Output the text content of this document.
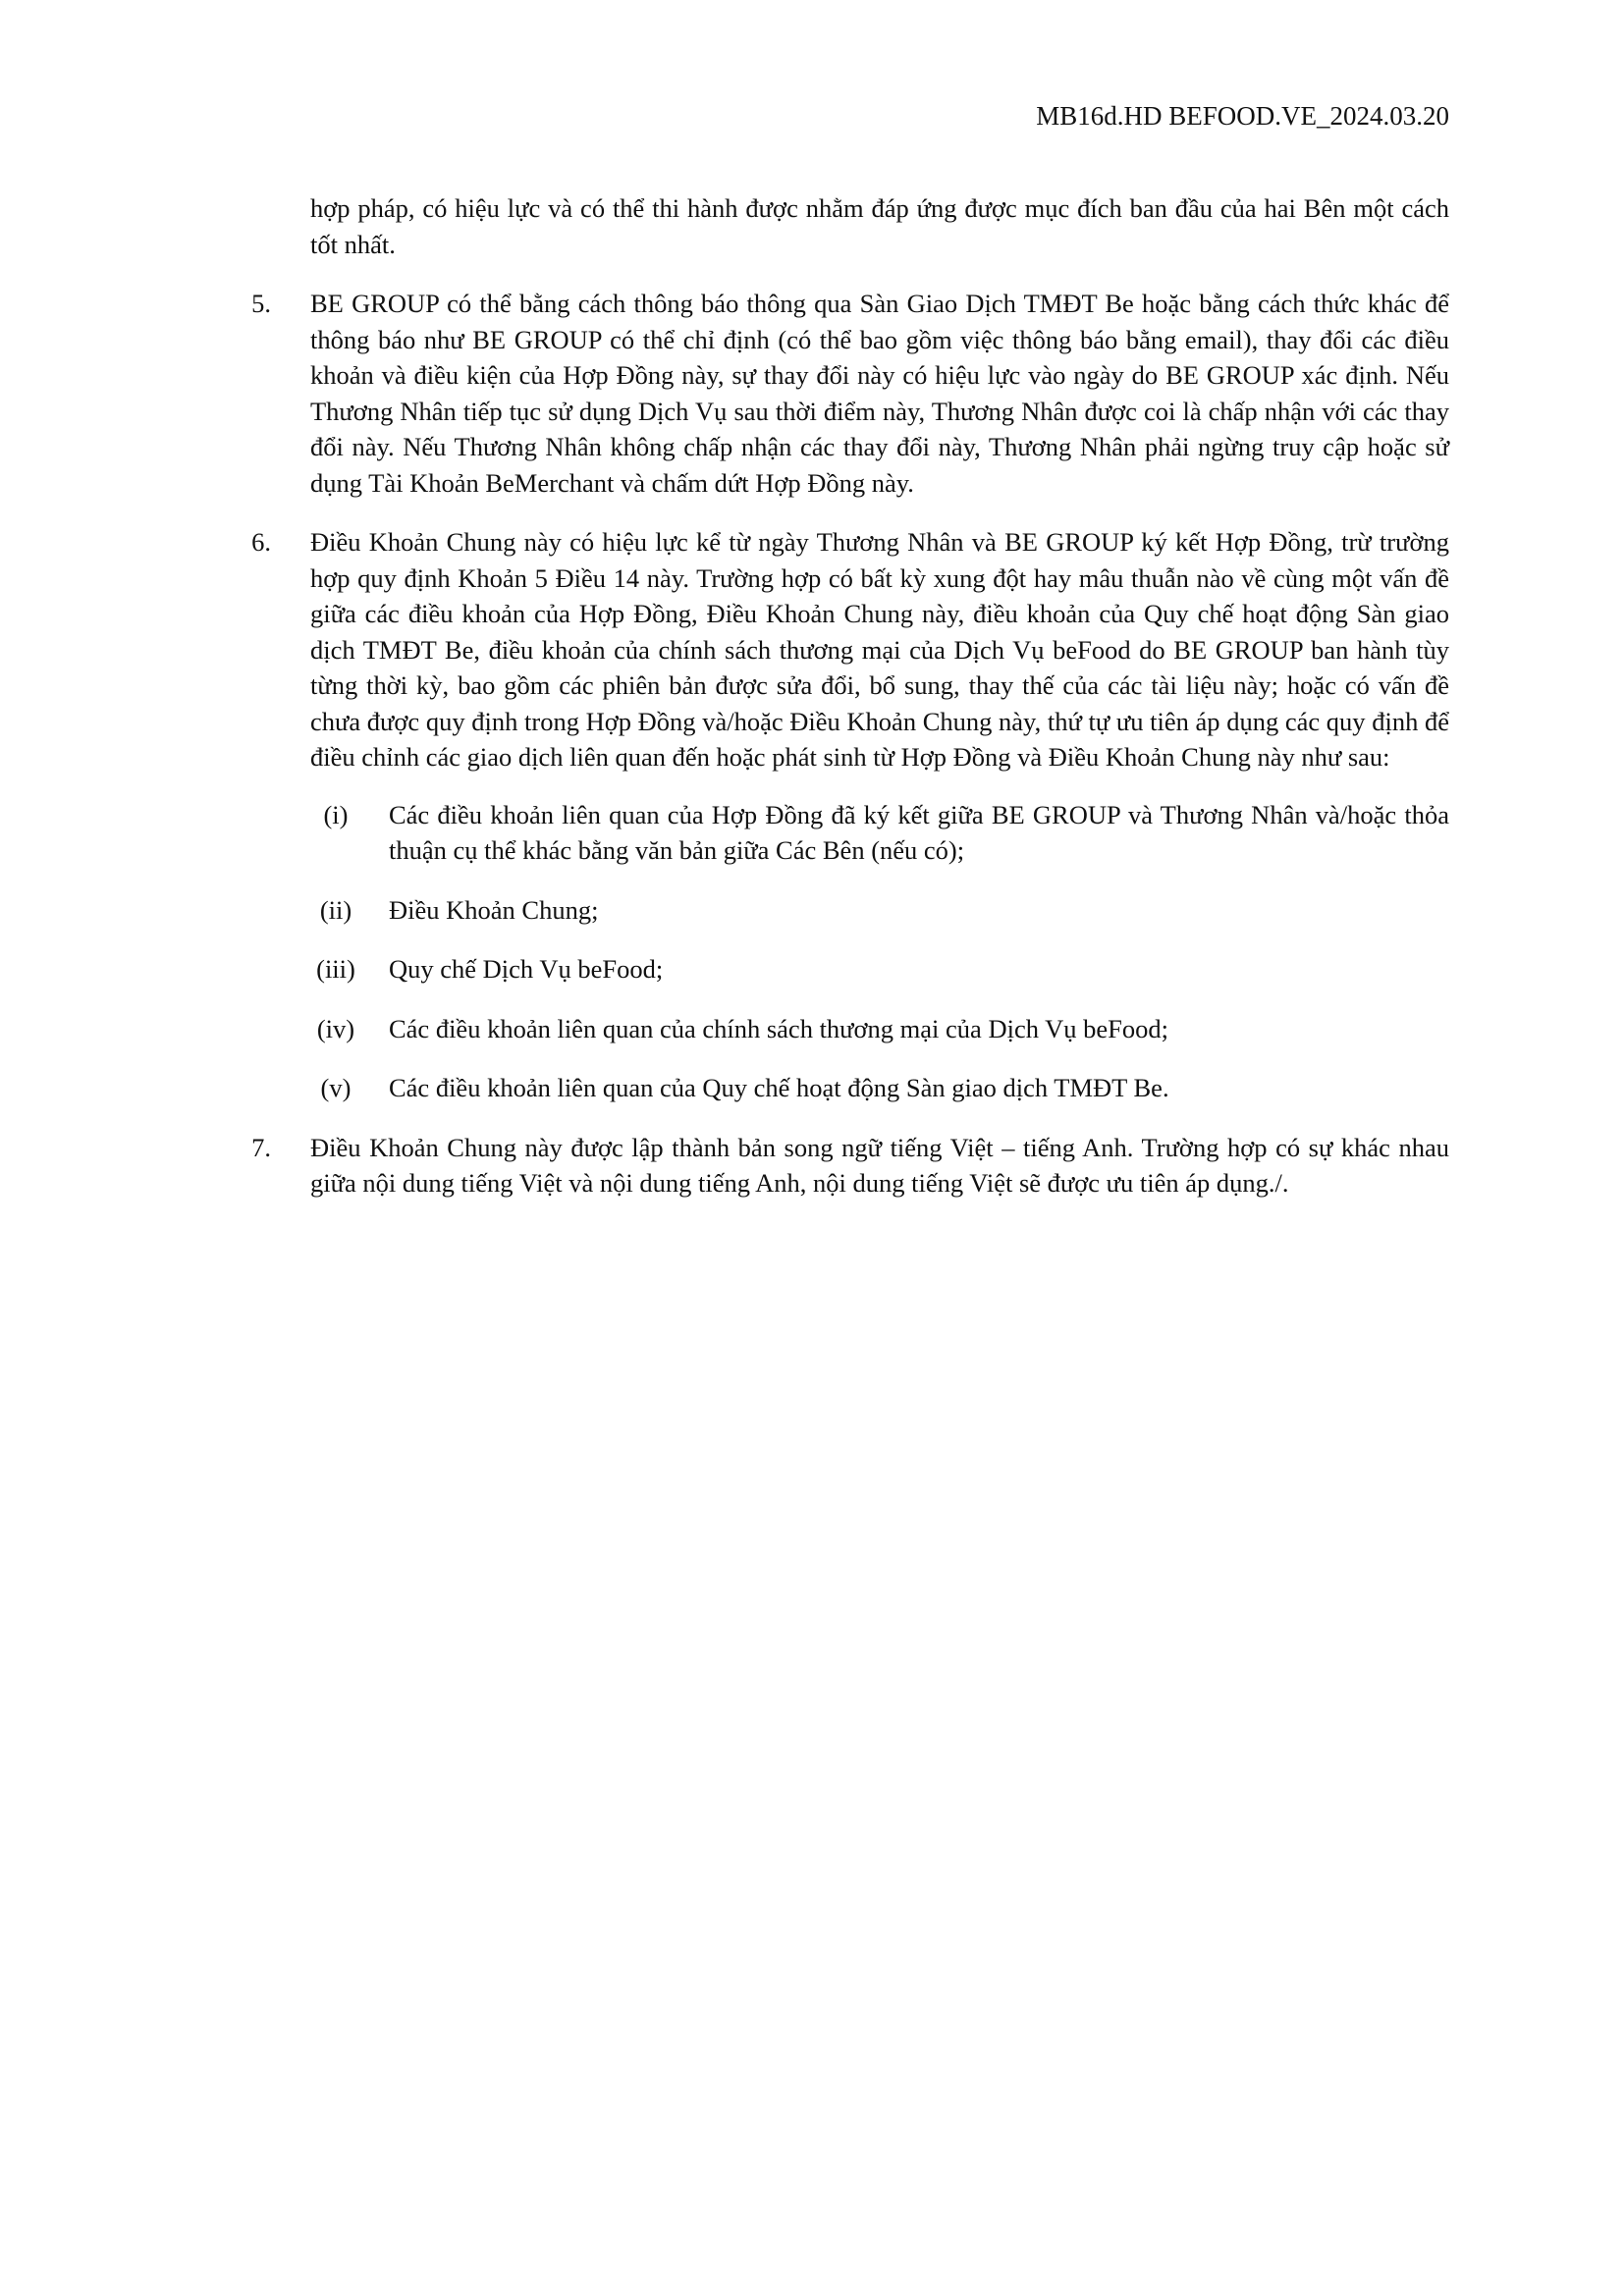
MB16d.HD BEFOOD.VE_2024.03.20

hợp pháp, có hiệu lực và có thể thi hành được nhằm đáp ứng được mục đích ban đầu của hai Bên một cách tốt nhất.

5. BE GROUP có thể bằng cách thông báo thông qua Sàn Giao Dịch TMĐT Be hoặc bằng cách thức khác để thông báo như BE GROUP có thể chỉ định (có thể bao gồm việc thông báo bằng email), thay đổi các điều khoản và điều kiện của Hợp Đồng này, sự thay đổi này có hiệu lực vào ngày do BE GROUP xác định. Nếu Thương Nhân tiếp tục sử dụng Dịch Vụ sau thời điểm này, Thương Nhân được coi là chấp nhận với các thay đổi này. Nếu Thương Nhân không chấp nhận các thay đổi này, Thương Nhân phải ngừng truy cập hoặc sử dụng Tài Khoản BeMerchant và chấm dứt Hợp Đồng này.

6. Điều Khoản Chung này có hiệu lực kể từ ngày Thương Nhân và BE GROUP ký kết Hợp Đồng, trừ trường hợp quy định Khoản 5 Điều 14 này. Trường hợp có bất kỳ xung đột hay mâu thuẫn nào về cùng một vấn đề giữa các điều khoản của Hợp Đồng, Điều Khoản Chung này, điều khoản của Quy chế hoạt động Sàn giao dịch TMĐT Be, điều khoản của chính sách thương mại của Dịch Vụ beFood do BE GROUP ban hành tùy từng thời kỳ, bao gồm các phiên bản được sửa đổi, bổ sung, thay thế của các tài liệu này; hoặc có vấn đề chưa được quy định trong Hợp Đồng và/hoặc Điều Khoản Chung này, thứ tự ưu tiên áp dụng các quy định để điều chỉnh các giao dịch liên quan đến hoặc phát sinh từ Hợp Đồng và Điều Khoản Chung này như sau:

(i)	Các điều khoản liên quan của Hợp Đồng đã ký kết giữa BE GROUP và Thương Nhân và/hoặc thỏa thuận cụ thể khác bằng văn bản giữa Các Bên (nếu có);

(ii)	Điều Khoản Chung;

(iii)	Quy chế Dịch Vụ beFood;

(iv)	Các điều khoản liên quan của chính sách thương mại của Dịch Vụ beFood;

(v)	Các điều khoản liên quan của Quy chế hoạt động Sàn giao dịch TMĐT Be.

7. Điều Khoản Chung này được lập thành bản song ngữ tiếng Việt – tiếng Anh. Trường hợp có sự khác nhau giữa nội dung tiếng Việt và nội dung tiếng Anh, nội dung tiếng Việt sẽ được ưu tiên áp dụng./.
